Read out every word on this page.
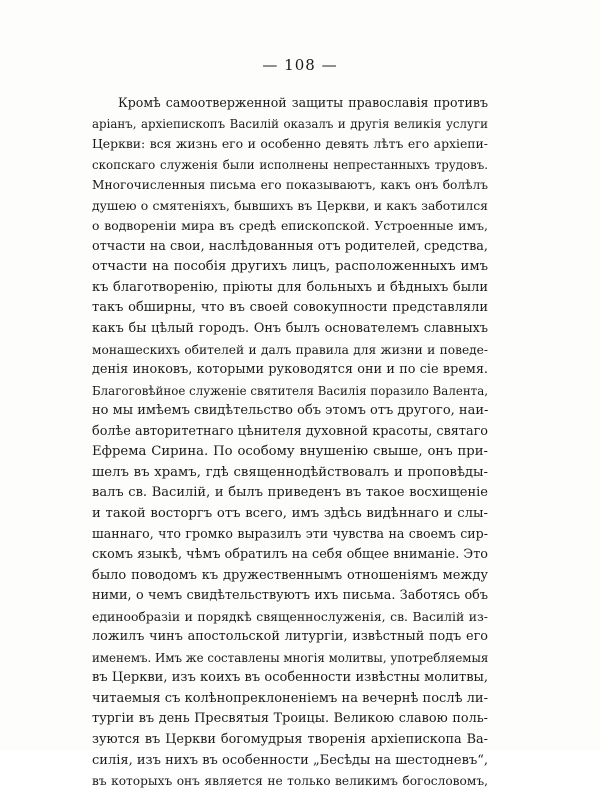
— 108 —
Кромѣ самоотверженной защиты православія противъ
аріанъ, архіепископъ Василій оказалъ и другія великія услуги
Церкви: вся жизнь его и особенно девять лѣтъ его архіепи-
скопскаго служенія были исполнены непрестанныхъ трудовъ.
Многочисленныя письма его показываютъ, какъ онъ болѣлъ
душею о смятеніяхъ, бывшихъ въ Церкви, и какъ заботился
о водвореніи мира въ средѣ епископской. Устроенные имъ,
отчасти на свои, наслѣдованныя отъ родителей, средства,
отчасти на пособія другихъ лицъ, расположенныхъ имъ
къ благотворенію, пріюты для больныхъ и бѣдныхъ были
такъ обширны, что въ своей совокупности представляли
какъ бы цѣлый городъ. Онъ былъ основателемъ славныхъ
монашескихъ обителей и далъ правила для жизни и поведе-
денія иноковъ, которыми руководятся они и по сіе время.
Благоговѣйное служеніе святителя Василія поразило Валента,
но мы имѣемъ свидѣтельство объ этомъ отъ другого, наи-
болѣе авторитетнаго цѣнителя духовной красоты, святаго
Ефрема Сирина. По особому внушенію свыше, онъ при-
шелъ въ храмъ, гдѣ священнодѣйствовалъ и проповѣды-
валъ св. Василій, и былъ приведенъ въ такое восхищеніе
и такой восторгъ отъ всего, имъ здѣсь видѣннаго и слы-
шаннаго, что громко выразилъ эти чувства на своемъ сир-
скомъ языкѣ, чѣмъ обратилъ на себя общее вниманіе. Это
было поводомъ къ дружественнымъ отношеніямъ между
ними, о чемъ свидѣтельствуютъ ихъ письма. Заботясь объ
единообразіи и порядкѣ священнослуженія, св. Василій из-
ложилъ чинъ апостольской литургіи, извѣстный подъ его
именемъ. Имъ же составлены многія молитвы, употребляемыя
въ Церкви, изъ коихъ въ особенности извѣстны молитвы,
читаемыя съ колѣнопреклоненіемъ на вечернѣ послѣ ли-
тургіи въ день Пресвятыя Троицы. Великою славою поль-
зуются въ Церкви богомудрыя творенія архіепископа Ва-
силія, изъ нихъ въ особенности „Бесѣды на шестодневъ“,
въ которыхъ онъ является не только великимъ богословомъ,
